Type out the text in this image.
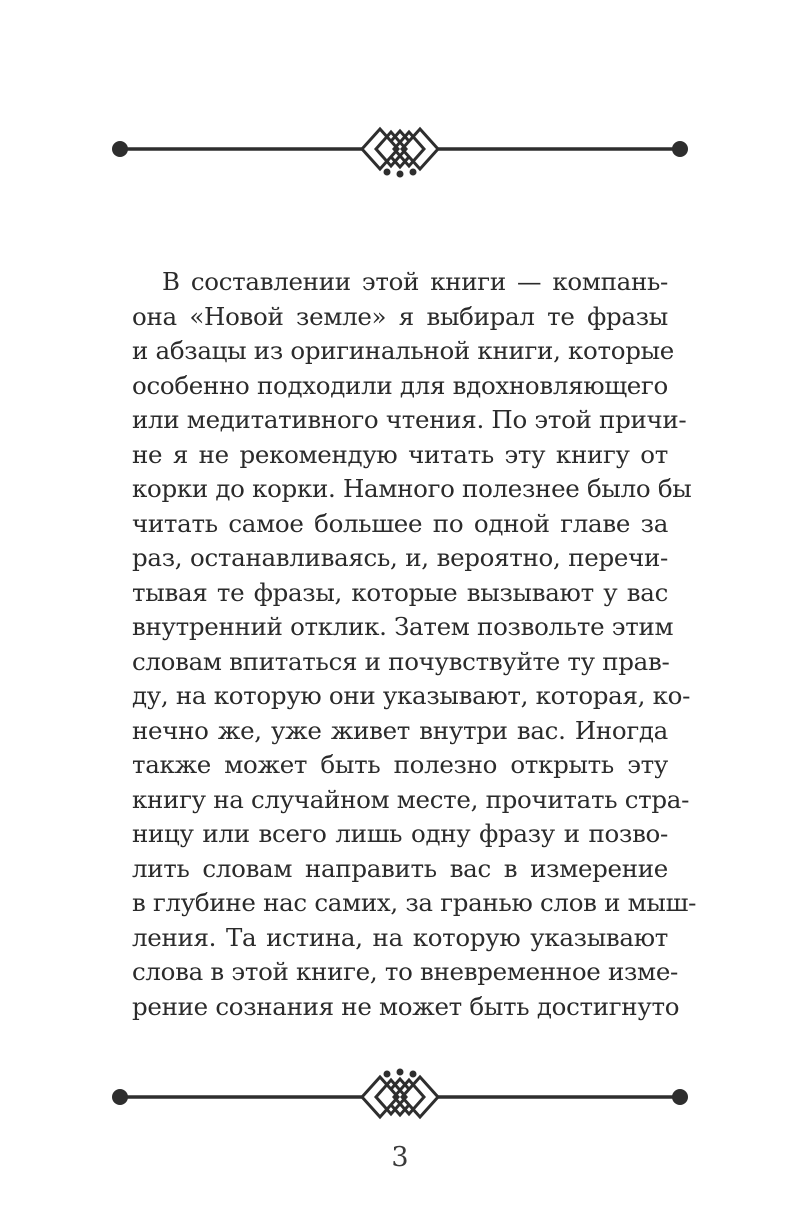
В составлении этой книги — компань-
она «Новой земле» я выбирал те фразы
и абзацы из оригинальной книги, которые
особенно подходили для вдохновляющего
или медитативного чтения. По этой причи-
не я не рекомендую читать эту книгу от
корки до корки. Намного полезнее было бы
читать самое большее по одной главе за
раз, останавливаясь, и, вероятно, перечи-
тывая те фразы, которые вызывают у вас
внутренний отклик. Затем позвольте этим
словам впитаться и почувствуйте ту прав-
ду, на которую они указывают, которая, ко-
нечно же, уже живет внутри вас. Иногда
также может быть полезно открыть эту
книгу на случайном месте, прочитать стра-
ницу или всего лишь одну фразу и позво-
лить словам направить вас в измерение
в глубине нас самих, за гранью слов и мыш-
ления. Та истина, на которую указывают
слова в этой книге, то вневременное изме-
рение сознания не может быть достигнуто
3
